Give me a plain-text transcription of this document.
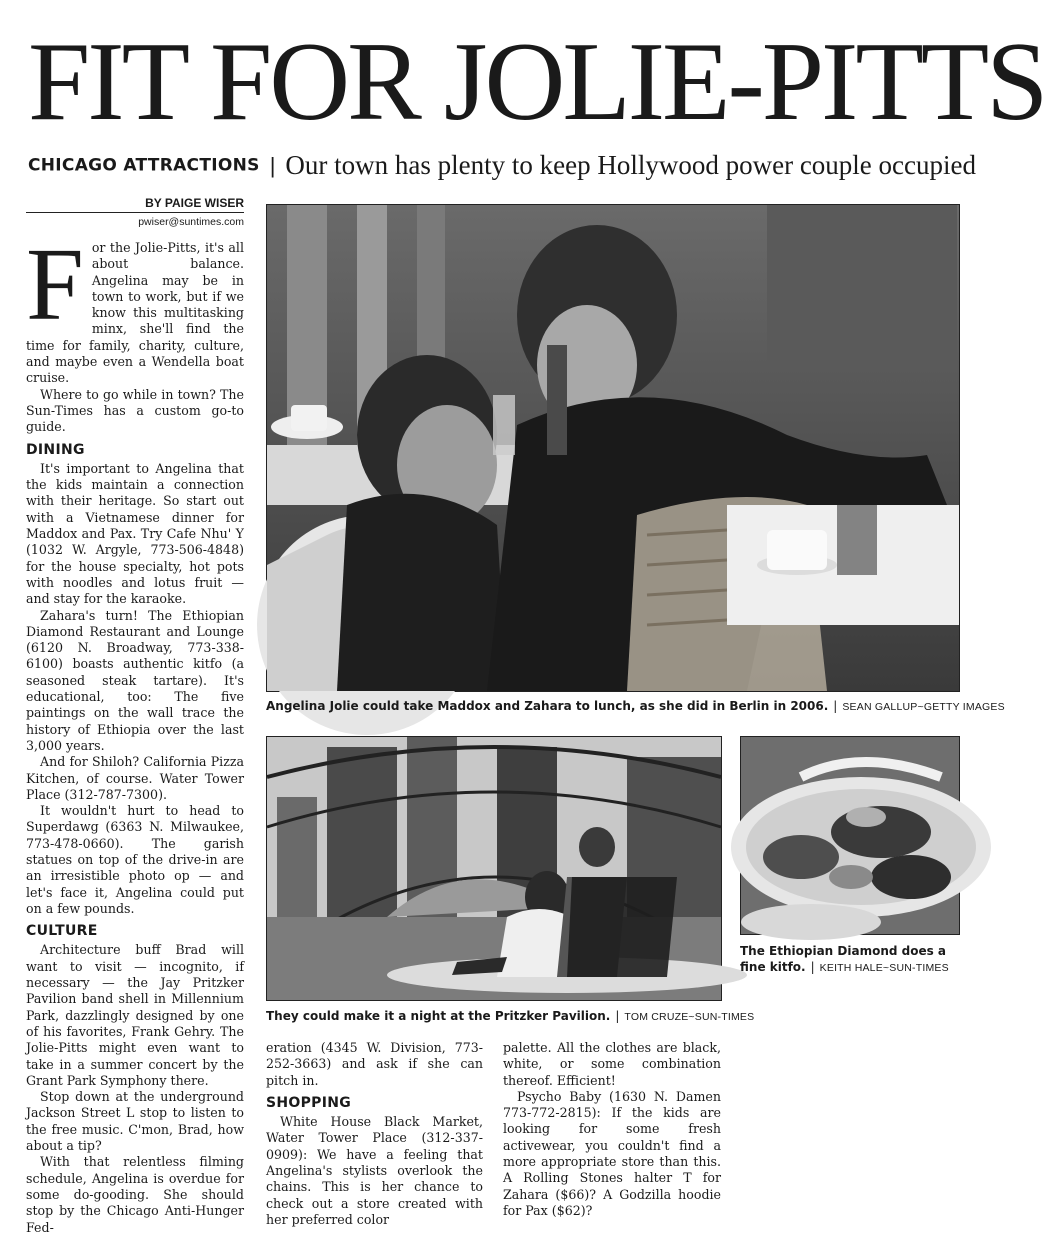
FIT FOR JOLIE-PITTS
CHICAGO ATTRACTIONS | Our town has plenty to keep Hollywood power couple occupied
BY PAIGE WISER
pwiser@suntimes.com
F or the Jolie-Pitts, it's all about balance. Angelina may be in town to work, but if we know this multitasking minx, she'll find the time for family, charity, culture, and maybe even a Wendella boat cruise.

Where to go while in town? The Sun-Times has a custom go-to guide.

DINING

It's important to Angelina that the kids maintain a connection with their heritage. So start out with a Vietnamese dinner for Maddox and Pax. Try Cafe Nhu' Y (1032 W. Argyle, 773-506-4848) for the house specialty, hot pots with noodles and lotus fruit — and stay for the karaoke.

Zahara's turn! The Ethiopian Diamond Restaurant and Lounge (6120 N. Broadway, 773-338-6100) boasts authentic kitfo (a seasoned steak tartare). It's educational, too: The five paintings on the wall trace the history of Ethiopia over the last 3,000 years.

And for Shiloh? California Pizza Kitchen, of course. Water Tower Place (312-787-7300).

It wouldn't hurt to head to Superdawg (6363 N. Milwaukee, 773-478-0660). The garish statues on top of the drive-in are an irresistible photo op — and let's face it, Angelina could put on a few pounds.

CULTURE

Architecture buff Brad will want to visit — incognito, if necessary — the Jay Pritzker Pavilion band shell in Millennium Park, dazzlingly designed by one of his favorites, Frank Gehry. The Jolie-Pitts might even want to take in a summer concert by the Grant Park Symphony there.

Stop down at the underground Jackson Street L stop to listen to the free music. C'mon, Brad, how about a tip?

With that relentless filming schedule, Angelina is overdue for some do-gooding. She should stop by the Chicago Anti-Hunger Fed-

Angelina Jolie could take Maddox and Zahara to lunch, as she did in Berlin in 2006. | SEAN GALLUP~GETTY IMAGES
They could make it a night at the Pritzker Pavilion. | TOM CRUZE~SUN-TIMES
The Ethiopian Diamond does a fine kitfo. | KEITH HALE~SUN-TIMES

eration (4345 W. Division, 773-252-3663) and ask if she can pitch in.

SHOPPING

White House Black Market, Water Tower Place (312-337-0909): We have a feeling that Angelina's stylists overlook the chains. This is her chance to check out a store created with her preferred color

palette. All the clothes are black, white, or some combination thereof. Efficient!

Psycho Baby (1630 N. Damen 773-772-2815): If the kids are looking for some fresh activewear, you couldn't find a more appropriate store than this. A Rolling Stones halter T for Zahara ($66)? A Godzilla hoodie for Pax ($62)?
